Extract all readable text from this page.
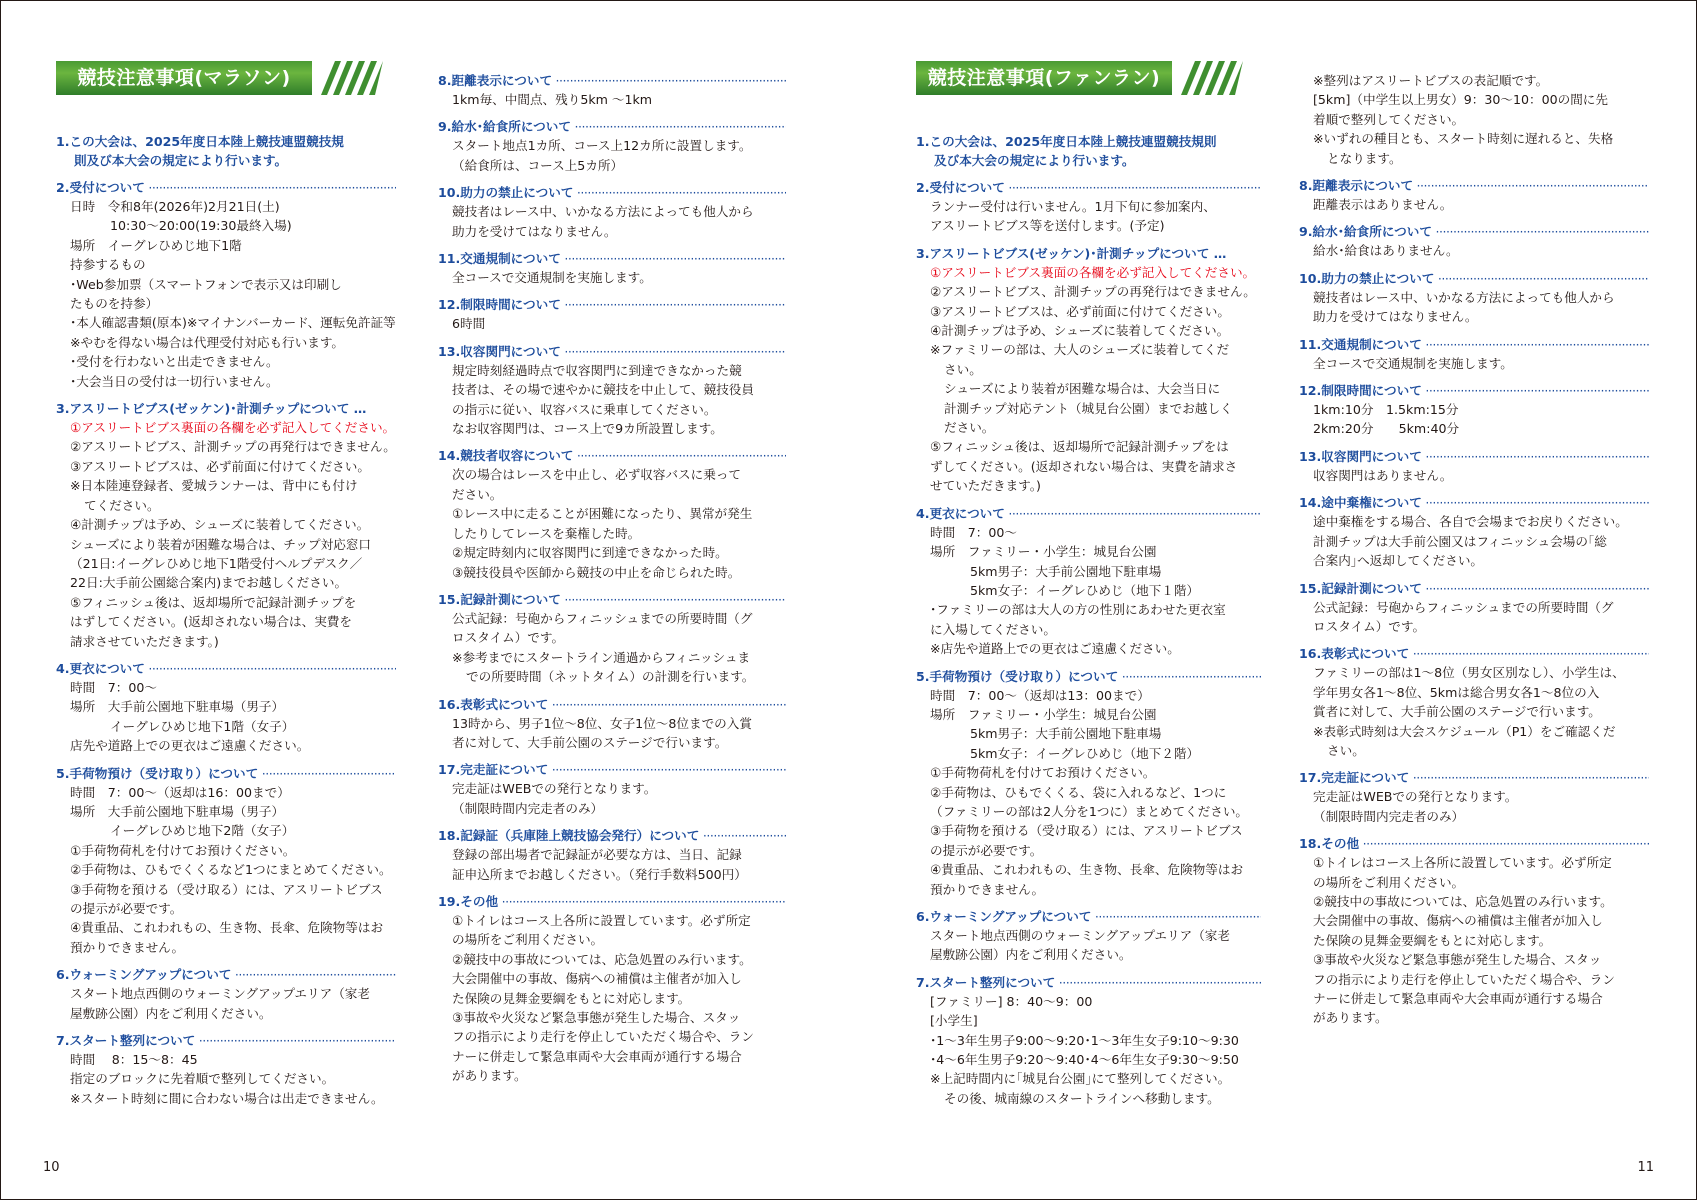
競技注意事項(マラソン)	競技注意事項(ファンラン)
1.この大会は、2025年度日本陸上競技連盟競技規
則及び本大会の規定により行います。
2.受付について ·····
日時　令和8年(2026年)2月21日(土)
10:30〜20:00(19:30最終入場)
場所　イーグレひめじ地下1階
持参するもの
･Web参加票（スマートフォンで表示又は印刷し
たものを持参）
･本人確認書類(原本)※マイナンバーカード、運転免許証等
※やむを得ない場合は代理受付対応も行います。
･受付を行わないと出走できません。
･大会当日の受付は一切行いません。
3.アスリートビブス(ゼッケン)･計測チップについて …
①アスリートビブス裏面の各欄を必ず記入してください。
②アスリートビブス、計測チップの再発行はできません。
③アスリートビブスは、必ず前面に付けてください。
※日本陸連登録者、愛城ランナーは、背中にも付け
てください。
④計測チップは予め、シューズに装着してください。
シューズにより装着が困難な場合は、チップ対応窓口
（21日:イーグレひめじ地下1階受付ヘルプデスク／
22日:大手前公園総合案内)までお越しください。
⑤フィニッシュ後は、返却場所で記録計測チップを
はずしてください。(返却されない場合は、実費を
請求させていただきます。)
4.更衣について ·····
時間　7：00〜
場所　大手前公園地下駐車場（男子）
イーグレひめじ地下1階（女子）
店先や道路上での更衣はご遠慮ください。
5.手荷物預け（受け取り）について ·····
時間　7：00〜（返却は16：00まで）
場所　大手前公園地下駐車場（男子）
イーグレひめじ地下2階（女子）
①手荷物荷札を付けてお預けください。
②手荷物は、ひもでくくるなど1つにまとめてください。
③手荷物を預ける（受け取る）には、アスリートビブス
の提示が必要です。
④貴重品、これわれもの、生き物、長傘、危険物等はお
預かりできません。
6.ウォーミングアップについて ·····
スタート地点西側のウォーミングアップエリア（家老
屋敷跡公園）内をご利用ください。
7.スタート整列について ·····
時間　 8：15〜8：45
指定のブロックに先着順で整列してください。
※スタート時刻に間に合わない場合は出走できません。
8.距離表示について ·····
1km毎、中間点、残り5km 〜1km
9.給水･給食所について ·····
スタート地点1カ所、コース上12カ所に設置します。
（給食所は、コース上5カ所）
10.助力の禁止について ·····
競技者はレース中、いかなる方法によっても他人から
助力を受けてはなりません。
11.交通規制について ·····
全コースで交通規制を実施します。
12.制限時間について ·····
6時間
13.収容関門について ·····
規定時刻経過時点で収容関門に到達できなかった競
技者は、その場で速やかに競技を中止して、競技役員
の指示に従い、収容バスに乗車してください。
なお収容関門は、コース上で9カ所設置します。
14.競技者収容について ·····
次の場合はレースを中止し、必ず収容バスに乗って
ださい。
①レース中に走ることが困難になったり、異常が発生
したりしてレースを棄権した時。
②規定時刻内に収容関門に到達できなかった時。
③競技役員や医師から競技の中止を命じられた時。
15.記録計測について ·····
公式記録：号砲からフィニッシュまでの所要時間（グ
ロスタイム）です。
※参考までにスタートライン通過からフィニッシュま
での所要時間（ネットタイム）の計測を行います。
16.表彰式について ·····
13時から、男子1位〜8位、女子1位〜8位までの入賞
者に対して、大手前公園のステージで行います。
17.完走証について ·····
完走証はWEBでの発行となります。
（制限時間内完走者のみ）
18.記録証（兵庫陸上競技協会発行）について ·····
登録の部出場者で記録証が必要な方は、当日、記録
証申込所までお越しください。（発行手数料500円）
19.その他 ·····
①トイレはコース上各所に設置しています。必ず所定
の場所をご利用ください。
②競技中の事故については、応急処置のみ行います。
大会開催中の事故、傷病への補償は主催者が加入し
た保険の見舞金要綱をもとに対応します。
③事故や火災など緊急事態が発生した場合、スタッ
フの指示により走行を停止していただく場合や、ラン
ナーに併走して緊急車両や大会車両が通行する場合
があります。
1.この大会は、2025年度日本陸上競技連盟競技規則
及び本大会の規定により行います。
2.受付について ·····
ランナー受付は行いません。1月下旬に参加案内、
アスリートビブス等を送付します。(予定)
3.アスリートビブス(ゼッケン)･計測チップについて …
①アスリートビブス裏面の各欄を必ず記入してください。
②アスリートビブス、計測チップの再発行はできません。
③アスリートビブスは、必ず前面に付けてください。
④計測チップは予め、シューズに装着してください。
※ファミリーの部は、大人のシューズに装着してくだ
さい。
シューズにより装着が困難な場合は、大会当日に
計測チップ対応テント（城見台公園）までお越しく
ださい。
⑤フィニッシュ後は、返却場所で記録計測チップをは
ずしてください。(返却されない場合は、実費を請求さ
せていただきます。)
4.更衣について ·····
時間　7：00〜
場所　ファミリー・小学生：城見台公園
5km男子：大手前公園地下駐車場
5km女子：イーグレひめじ（地下１階）
･ファミリーの部は大人の方の性別にあわせた更衣室
に入場してください。
※店先や道路上での更衣はご遠慮ください。
5.手荷物預け（受け取り）について ·····
時間　7：00〜（返却は13：00まで）
場所　ファミリー・小学生：城見台公園
5km男子：大手前公園地下駐車場
5km女子：イーグレひめじ（地下２階）
①手荷物荷札を付けてお預けください。
②手荷物は、ひもでくくる、袋に入れるなど、1つに
（ファミリーの部は2人分を1つに）まとめてください。
③手荷物を預ける（受け取る）には、アスリートビブス
の提示が必要です。
④貴重品、これわれもの、生き物、長傘、危険物等はお
預かりできません。
6.ウォーミングアップについて ·····
スタート地点西側のウォーミングアップエリア（家老
屋敷跡公園）内をご利用ください。
7.スタート整列について ·····
[ファミリー] 8：40〜9：00
[小学生]
･1〜3年生男子9:00〜9:20･1〜3年生女子9:10〜9:30
･4〜6年生男子9:20〜9:40･4〜6年生女子9:30〜9:50
※上記時間内に｢城見台公園｣にて整列してください。
その後、城南線のスタートラインへ移動します。
※整列はアスリートビブスの表記順です。
[5km]（中学生以上男女）9：30〜10：00の間に先
着順で整列してください。
※いずれの種目とも、スタート時刻に遅れると、失格
となります。
8.距離表示について ·····
距離表示はありません。
9.給水･給食所について ·····
給水･給食はありません。
10.助力の禁止について ·····
競技者はレース中、いかなる方法によっても他人から
助力を受けてはなりません。
11.交通規制について ·····
全コースで交通規制を実施します。
12.制限時間について ·····
1km:10分　1.5km:15分
2km:20分　　5km:40分
13.収容関門について ·····
収容関門はありません。
14.途中棄権について ·····
途中棄権をする場合、各自で会場までお戻りください。
計測チップは大手前公園又はフィニッシュ会場の｢総
合案内｣へ返却してください。
15.記録計測について ·····
公式記録：号砲からフィニッシュまでの所要時間（グ
ロスタイム）です。
16.表彰式について ·····
ファミリーの部は1〜8位（男女区別なし）、小学生は、
学年男女各1〜8位、5kmは総合男女各1〜8位の入
賞者に対して、大手前公園のステージで行います。
※表彰式時刻は大会スケジュール（P1）をご確認くだ
さい。
17.完走証について ·····
完走証はWEBでの発行となります。
（制限時間内完走者のみ）
18.その他 ·····
①トイレはコース上各所に設置しています。必ず所定
の場所をご利用ください。
②競技中の事故については、応急処置のみ行います。
大会開催中の事故、傷病への補償は主催者が加入し
た保険の見舞金要綱をもとに対応します。
③事故や火災など緊急事態が発生した場合、スタッ
フの指示により走行を停止していただく場合や、ラン
ナーに併走して緊急車両や大会車両が通行する場合
があります。
10	11
